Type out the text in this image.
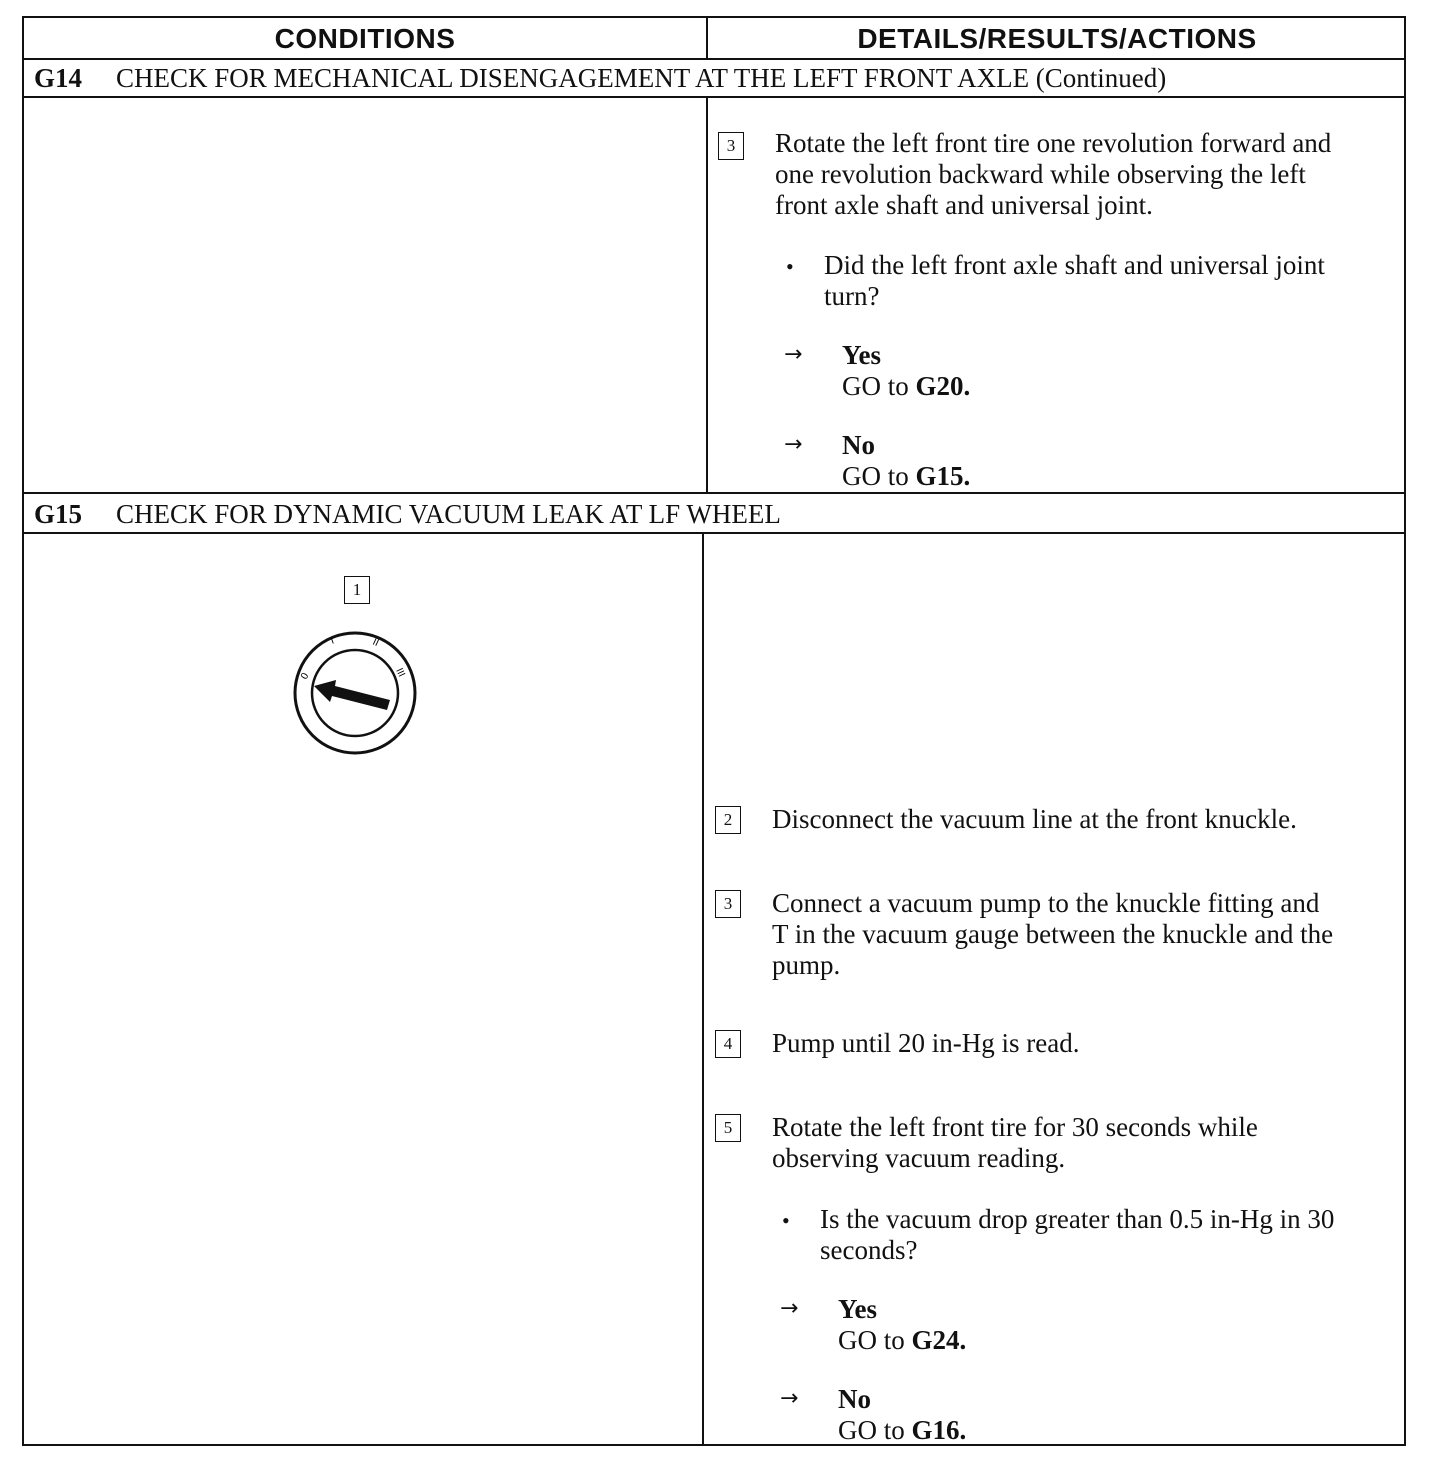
CONDITIONS	DETAILS/RESULTS/ACTIONS
G14 CHECK FOR MECHANICAL DISENGAGEMENT AT THE LEFT FRONT AXLE (Continued)
3	Rotate the left front tire one revolution forward and
one revolution backward while observing the left
front axle shaft and universal joint.
• Did the left front axle shaft and universal joint
turn?
→ Yes
GO to G20.
→ No
GO to G15.
G15 CHECK FOR DYNAMIC VACUUM LEAK AT LF WHEEL
1
0
I	II
III
2	Disconnect the vacuum line at the front knuckle.
3	Connect a vacuum pump to the knuckle fitting and
T in the vacuum gauge between the knuckle and the
pump.
4	Pump until 20 in-Hg is read.
5	Rotate the left front tire for 30 seconds while
observing vacuum reading.
• Is the vacuum drop greater than 0.5 in-Hg in 30
seconds?
→ Yes
GO to G24.
→ No
GO to G16.
